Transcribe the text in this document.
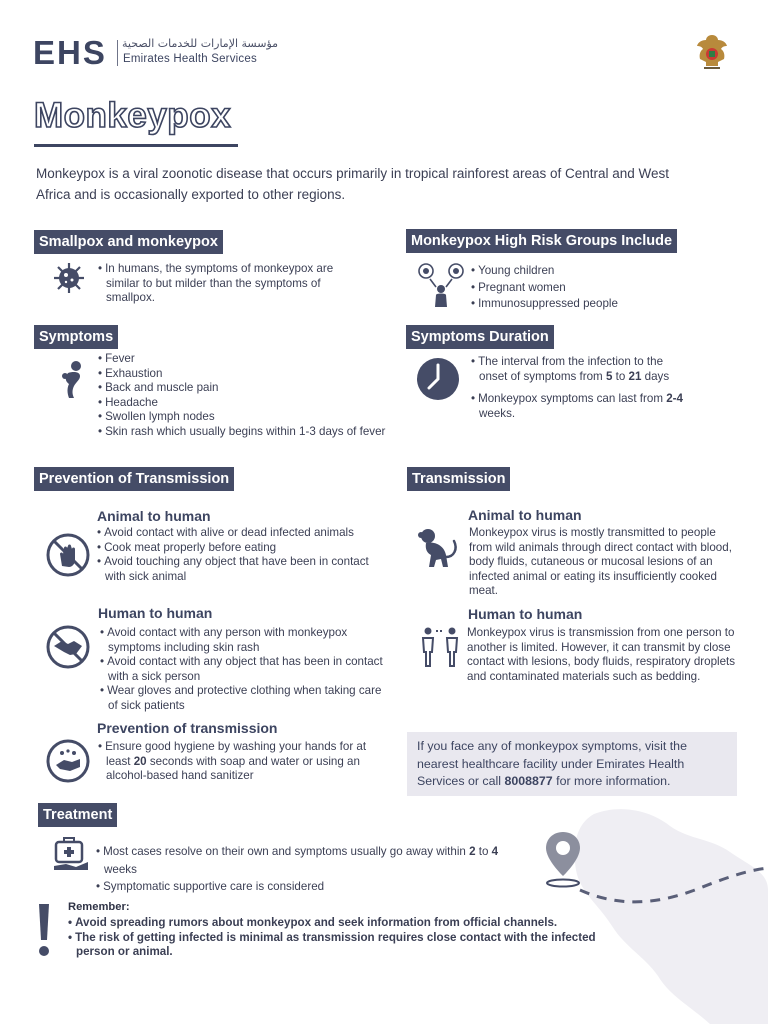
EHS مؤسسة الإمارات للخدمات الصحية
Emirates Health Services
Monkeypox
Monkeypox is a viral zoonotic disease that occurs primarily in tropical rainforest areas of Central and West Africa and is occasionally exported to other regions.
Smallpox and monkeypox
• In humans, the symptoms of monkeypox are similar to but milder than the symptoms of smallpox.
Monkeypox High Risk Groups Include
• Young children
• Pregnant women
• Immunosuppressed people
Symptoms
• Fever
• Exhaustion
• Back and muscle pain
• Headache
• Swollen lymph nodes
• Skin rash which usually begins within 1-3 days of fever
Symptoms Duration
• The interval from the infection to the onset of symptoms from 5 to 21 days
• Monkeypox symptoms can last from 2-4 weeks.
Prevention of Transmission
Animal to human
• Avoid contact with alive or dead infected animals
• Cook meat properly before eating
• Avoid touching any object that have been in contact with sick animal
Human to human
• Avoid contact with any person with monkeypox symptoms including skin rash
• Avoid contact with any object that has been in contact with a sick person
• Wear gloves and protective clothing when taking care of sick patients
Prevention of transmission
• Ensure good hygiene by washing your hands for at least 20 seconds with soap and water or using an alcohol-based hand sanitizer
Transmission
Animal to human
Monkeypox virus is mostly transmitted to people from wild animals through direct contact with blood, body fluids, cutaneous or mucosal lesions of an infected animal or eating its insufficiently cooked meat.
Human to human
Monkeypox virus is transmission from one person to another is limited. However, it can transmit by close contact with lesions, body fluids, respiratory droplets and contaminated materials such as bedding.
If you face any of monkeypox symptoms, visit the nearest healthcare facility under Emirates Health Services or call 8008877 for more information.
Treatment
• Most cases resolve on their own and symptoms usually go away within 2 to 4 weeks
• Symptomatic supportive care is considered
Remember:
• Avoid spreading rumors about monkeypox and seek information from official channels.
• The risk of getting infected is minimal as transmission requires close contact with the infected person or animal.
